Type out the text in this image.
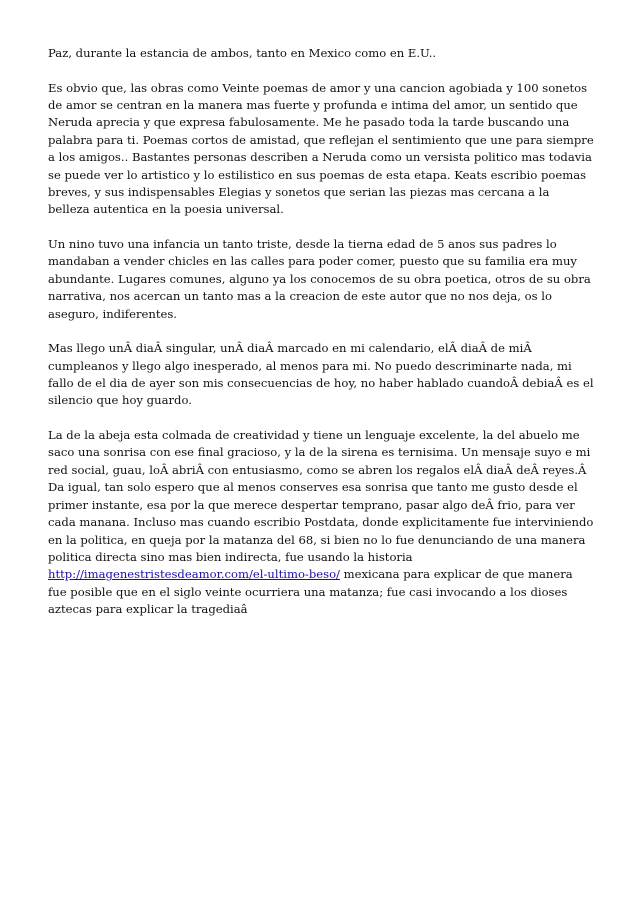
Paz, durante la estancia de ambos, tanto en Mexico como en E.U..

Es obvio que, las obras como Veinte poemas de amor y una cancion agobiada y 100 sonetos de amor se centran en la manera mas fuerte y profunda e intima del amor, un sentido que Neruda aprecia y que expresa fabulosamente. Me he pasado toda la tarde buscando una palabra para ti. Poemas cortos de amistad, que reflejan el sentimiento que une para siempre a los amigos.. Bastantes personas describen a Neruda como un versista politico mas todavia se puede ver lo artistico y lo estilistico en sus poemas de esta etapa. Keats escribio poemas breves, y sus indispensables Elegias y sonetos que serian las piezas mas cercana a la belleza autentica en la poesia universal.

Un nino tuvo una infancia un tanto triste, desde la tierna edad de 5 anos sus padres lo mandaban a vender chicles en las calles para poder comer, puesto que su familia era muy abundante. Lugares comunes, alguno ya los conocemos de su obra poetica, otros de su obra narrativa, nos acercan un tanto mas a la creacion de este autor que no nos deja, os lo aseguro, indiferentes.

Mas llego unÂ diaÂ singular, unÂ diaÂ marcado en mi calendario, elÂ diaÂ de miÂ cumpleanos y llego algo inesperado, al menos para mi. No puedo descriminarte nada, mi fallo de el dia de ayer son mis consecuencias de hoy, no haber hablado cuandoÂ debiaÂ es el silencio que hoy guardo.

La de la abeja esta colmada de creatividad y tiene un lenguaje excelente, la del abuelo me saco una sonrisa con ese final gracioso, y la de la sirena es ternisima. Un mensaje suyo e mi red social, guau, loÂ abriÂ con entusiasmo, como se abren los regalos elÂ diaÂ deÂ reyes.Â Da igual, tan solo espero que al menos conserves esa sonrisa que tanto me gusto desde el primer instante, esa por la que merece despertar temprano, pasar algo deÂ frio, para ver cada manana. Incluso mas cuando escribio Postdata, donde explicitamente fue interviniendo en la politica, en queja por la matanza del 68, si bien no lo fue denunciando de una manera politica directa sino mas bien indirecta, fue usando la historia http://imagenestristesdeamor.com/el-ultimo-beso/ mexicana para explicar de que manera fue posible que en el siglo veinte ocurriera una matanza; fue casi invocando a los dioses aztecas para explicar la tragediaâ
